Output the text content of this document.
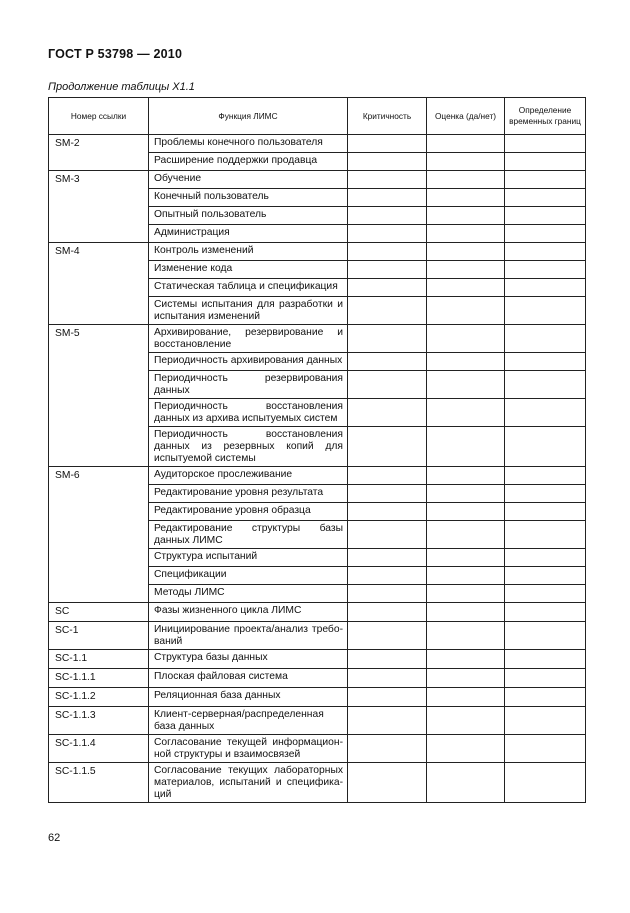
ГОСТ Р 53798 — 2010
Продолжение таблицы X1.1
Номер ссылки	Функция ЛИМС	Критичность	Оценка (да/нет)	Определение временных границ
SM-2	Проблемы конечного пользователя			
	Расширение поддержки продавца			
SM-3	Обучение			
	Конечный пользователь			
	Опытный пользователь			
	Администрация			
SM-4	Контроль изменений			
	Изменение кода			
	Статическая таблица и спецификация			
	Системы испытания для разработки и испытания изменений			
SM-5	Архивирование, резервирование и восстановление			
	Периодичность архивирования данных			
	Периодичность резервирования данных			
	Периодичность восстановления данных из архива испытуемых систем			
	Периодичность восстановления данных из резервных копий для испытуемой системы			
SM-6	Аудиторское прослеживание			
	Редактирование уровня результата			
	Редактирование уровня образца			
	Редактирование структуры базы данных ЛИМС			
	Структура испытаний			
	Спецификации			
	Методы ЛИМС			
SC	Фазы жизненного цикла ЛИМС			
SC-1	Инициирование проекта/анализ требований			
SC-1.1	Структура базы данных			
SC-1.1.1	Плоская файловая система			
SC-1.1.2	Реляционная база данных			
SC-1.1.3	Клиент-серверная/распределенная база данных			
SC-1.1.4	Согласование текущей информационной структуры и взаимосвязей			
SC-1.1.5	Согласование текущих лабораторных материалов, испытаний и спецификаций			
62
